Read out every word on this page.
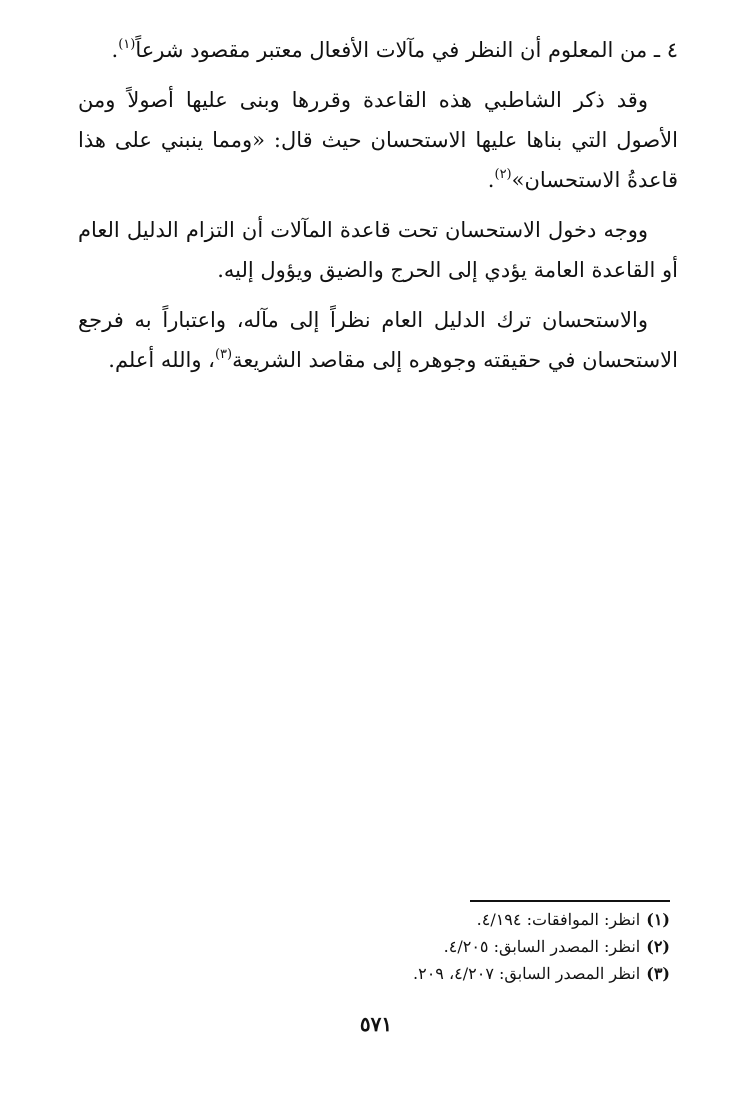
٤ ـ من المعلوم أن النظر في مآلات الأفعال معتبر مقصود شرعاً$^{(١)}$.

وقد ذكر الشاطبي هذه القاعدة وقررها وبنى عليها أصولاً ومن الأصول التي بناها عليها الاستحسان حيث قال: «ومما ينبني على هذا قاعدةُ الاستحسان»$^{(٢)}$.

ووجه دخول الاستحسان تحت قاعدة المآلات أن التزام الدليل العام أو القاعدة العامة يؤدي إلى الحرج والضيق ويؤول إليه.

والاستحسان ترك الدليل العام نظراً إلى مآله، واعتباراً به فرجع الاستحسان في حقيقته وجوهره إلى مقاصد الشريعة$^{(٣)}$، والله أعلم.

(١)انظر: الموافقات: ٤/١٩٤.
(٢)انظر: المصدر السابق: ٤/٢٠٥.
(٣)انظر المصدر السابق: ٤/٢٠٧، ٢٠٩.
٥٧١
